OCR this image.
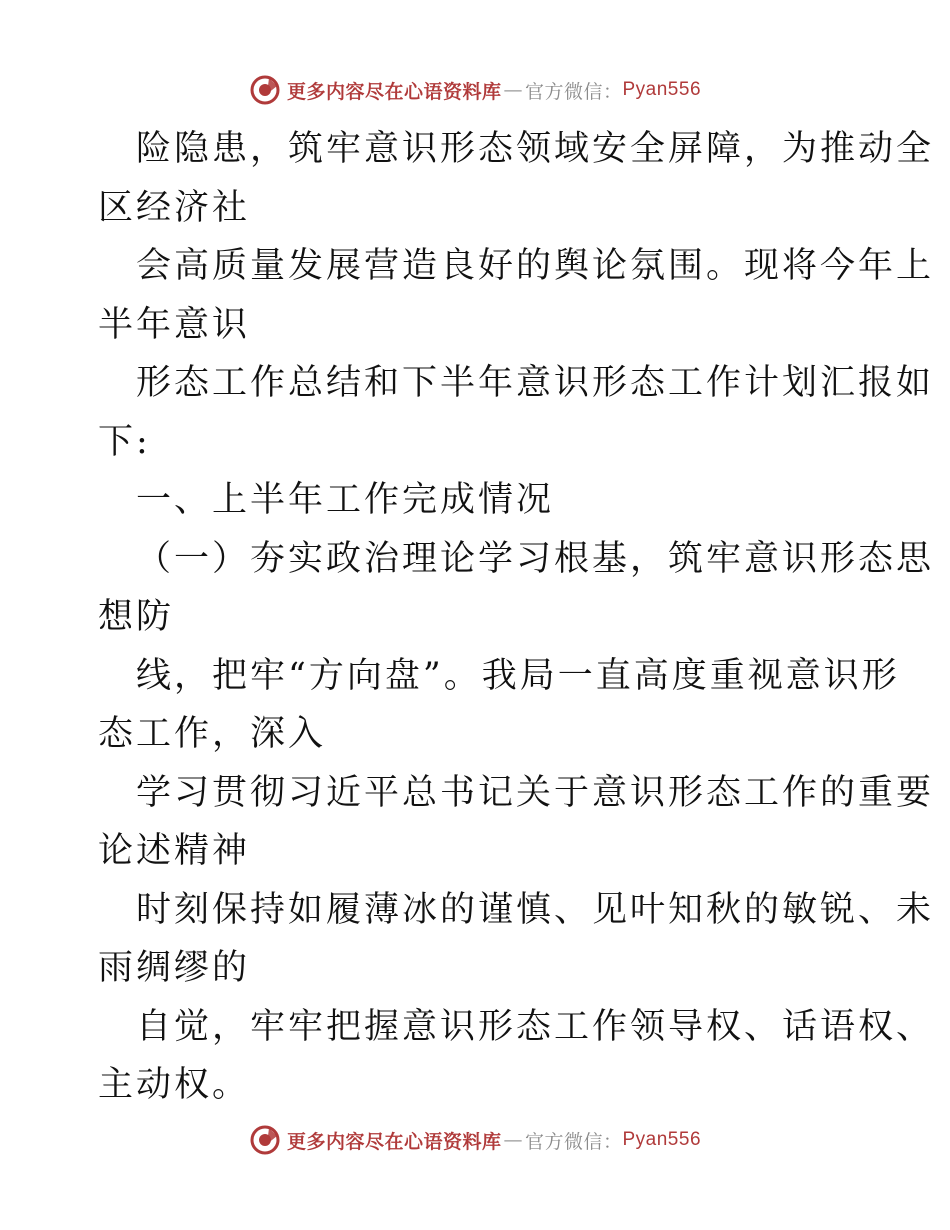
更多内容尽在心语资料库 — 官方微信： Pyan556
险隐患，筑牢意识形态领域安全屏障，为推动全
区经济社
会高质量发展营造良好的舆论氛围。现将今年上
半年意识
形态工作总结和下半年意识形态工作计划汇报如
下:
一、上半年工作完成情况
（一）夯实政治理论学习根基，筑牢意识形态思
想防
线，把牢“方向盘”。我局一直高度重视意识形
态工作，深入
学习贯彻习近平总书记关于意识形态工作的重要
论述精神
时刻保持如履薄冰的谨慎、见叶知秋的敏锐、未
雨绸缪的
自觉，牢牢把握意识形态工作领导权、话语权、
主动权。
更多内容尽在心语资料库 — 官方微信： Pyan556
